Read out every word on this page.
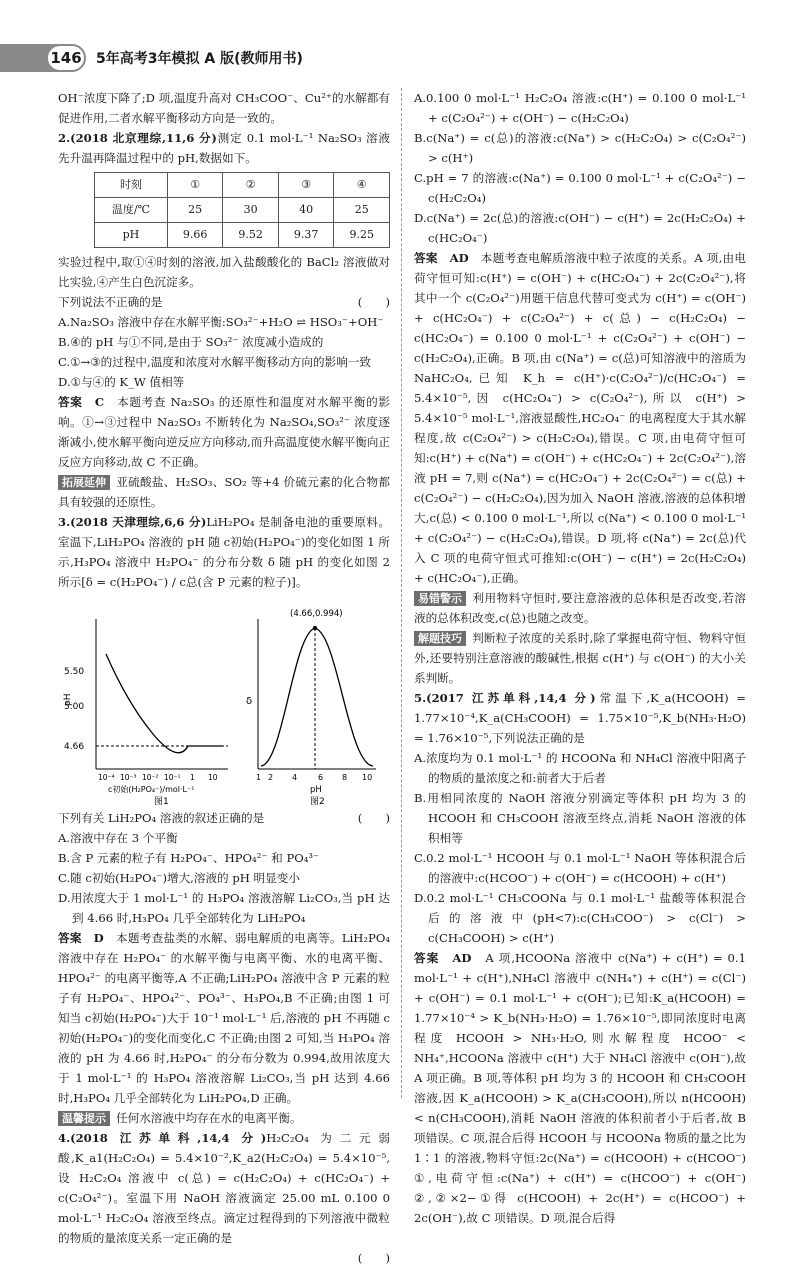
146	5年高考3年模拟 A 版(教师用书)

OH⁻浓度下降了;D 项,温度升高对 CH₃COO⁻、Cu²⁺的水解都有促进作用,二者水解平衡移动方向是一致的。

2.(2018 北京理综,11,6 分)测定 0.1 mol·L⁻¹ Na₂SO₃ 溶液先升温再降温过程中的 pH,数据如下。

时刻	①	②	③	④
温度/℃	25	30	40	25
pH	9.66	9.52	9.37	9.25

实验过程中,取①④时刻的溶液,加入盐酸酸化的 BaCl₂ 溶液做对比实验,④产生白色沉淀多。

下列说法不正确的是	(　　)

A.Na₂SO₃ 溶液中存在水解平衡:SO₃²⁻+H₂O ⇌ HSO₃⁻+OH⁻

B.④的 pH 与①不同,是由于 SO₃²⁻ 浓度减小造成的

C.①→③的过程中,温度和浓度对水解平衡移动方向的影响一致

D.①与④的 K_W 值相等

答案　C　 本题考查 Na₂SO₃ 的还原性和温度对水解平衡的影响。①→③过程中 Na₂SO₃ 不断转化为 Na₂SO₄,SO₃²⁻ 浓度逐渐减小,使水解平衡向逆反应方向移动,而升高温度使水解平衡向正反应方向移动,故 C 不正确。

拓展延伸 亚硫酸盐、H₂SO₃、SO₂ 等+4 价硫元素的化合物都具有较强的还原性。

3.(2018 天津理综,6,6 分)LiH₂PO₄ 是制备电池的重要原料。室温下,LiH₂PO₄ 溶液的 pH 随 c初始(H₂PO₄⁻)的变化如图 1 所示,H₃PO₄ 溶液中 H₂PO₄⁻ 的分布分数 δ 随 pH 的变化如图 2 所示[δ = c(H₂PO₄⁻) / c总(含 P 元素的粒子)]。

5.50
5.00
4.66
pH
10⁻⁴ 10⁻³ 10⁻² 10⁻¹ 1 10
c初始(H₂PO₄⁻)/mol·L⁻¹
图1
(4.66,0.994)
δ
1 2 4	6 8 10
pH
图2

下列有关 LiH₂PO₄ 溶液的叙述正确的是	(　　)

A.溶液中存在 3 个平衡

B.含 P 元素的粒子有 H₂PO₄⁻、HPO₄²⁻ 和 PO₄³⁻

C.随 c初始(H₂PO₄⁻)增大,溶液的 pH 明显变小

D.用浓度大于 1 mol·L⁻¹ 的 H₃PO₄ 溶液溶解 Li₂CO₃,当 pH 达到 4.66 时,H₃PO₄ 几乎全部转化为 LiH₂PO₄

答案　D　 本题考查盐类的水解、弱电解质的电离等。LiH₂PO₄ 溶液中存在 H₂PO₄⁻ 的水解平衡与电离平衡、水的电离平衡、HPO₄²⁻ 的电离平衡等,A 不正确;LiH₂PO₄ 溶液中含 P 元素的粒子有 H₂PO₄⁻、HPO₄²⁻、PO₄³⁻、H₃PO₄,B 不正确;由图 1 可知当 c初始(H₂PO₄⁻)大于 10⁻¹ mol·L⁻¹ 后,溶液的 pH 不再随 c初始(H₂PO₄⁻)的变化而变化,C 不正确;由图 2 可知,当 H₃PO₄ 溶液的 pH 为 4.66 时,H₂PO₄⁻ 的分布分数为 0.994,故用浓度大于 1 mol·L⁻¹ 的 H₃PO₄ 溶液溶解 Li₂CO₃,当 pH 达到 4.66 时,H₃PO₄ 几乎全部转化为 LiH₂PO₄,D 正确。

温馨提示 任何水溶液中均存在水的电离平衡。

4.(2018 江苏单科,14,4 分)H₂C₂O₄ 为二元弱酸,K_a1(H₂C₂O₄) = 5.4×10⁻²,K_a2(H₂C₂O₄) = 5.4×10⁻⁵,设 H₂C₂O₄ 溶液中 c(总) = c(H₂C₂O₄) + c(HC₂O₄⁻) + c(C₂O₄²⁻)。室温下用 NaOH 溶液滴定 25.00 mL 0.100 0 mol·L⁻¹ H₂C₂O₄ 溶液至终点。滴定过程得到的下列溶液中微粒的物质的量浓度关系一定正确的是

(　　)

A.0.100 0 mol·L⁻¹ H₂C₂O₄ 溶液:c(H⁺) = 0.100 0 mol·L⁻¹ + c(C₂O₄²⁻) + c(OH⁻) − c(H₂C₂O₄)

B.c(Na⁺) = c(总)的溶液:c(Na⁺) > c(H₂C₂O₄) > c(C₂O₄²⁻) > c(H⁺)

C.pH = 7 的溶液:c(Na⁺) = 0.100 0 mol·L⁻¹ + c(C₂O₄²⁻) − c(H₂C₂O₄)

D.c(Na⁺) = 2c(总)的溶液:c(OH⁻) − c(H⁺) = 2c(H₂C₂O₄) + c(HC₂O₄⁻)

答案　AD　 本题考查电解质溶液中粒子浓度的关系。A 项,由电荷守恒可知:c(H⁺) = c(OH⁻) + c(HC₂O₄⁻) + 2c(C₂O₄²⁻),将其中一个 c(C₂O₄²⁻)用题干信息代替可变式为 c(H⁺) = c(OH⁻) + c(HC₂O₄⁻) + c(C₂O₄²⁻) + c(总) − c(H₂C₂O₄) − c(HC₂O₄⁻) = 0.100 0 mol·L⁻¹ + c(C₂O₄²⁻) + c(OH⁻) − c(H₂C₂O₄),正确。B 项,由 c(Na⁺) = c(总)可知溶液中的溶质为 NaHC₂O₄,已知 K_h = c(H⁺)·c(C₂O₄²⁻)/c(HC₂O₄⁻) = 5.4×10⁻⁵,因 c(HC₂O₄⁻) > c(C₂O₄²⁻),所以 c(H⁺) > 5.4×10⁻⁵ mol·L⁻¹,溶液显酸性,HC₂O₄⁻ 的电离程度大于其水解程度,故 c(C₂O₄²⁻) > c(H₂C₂O₄),错误。C 项,由电荷守恒可知:c(H⁺) + c(Na⁺) = c(OH⁻) + c(HC₂O₄⁻) + 2c(C₂O₄²⁻),溶液 pH = 7,则 c(Na⁺) = c(HC₂O₄⁻) + 2c(C₂O₄²⁻) = c(总) + c(C₂O₄²⁻) − c(H₂C₂O₄),因为加入 NaOH 溶液,溶液的总体积增大,c(总) < 0.100 0 mol·L⁻¹,所以 c(Na⁺) < 0.100 0 mol·L⁻¹ + c(C₂O₄²⁻) − c(H₂C₂O₄),错误。D 项,将 c(Na⁺) = 2c(总)代入 C 项的电荷守恒式可推知:c(OH⁻) − c(H⁺) = 2c(H₂C₂O₄) + c(HC₂O₄⁻),正确。

易错警示 利用物料守恒时,要注意溶液的总体积是否改变,若溶液的总体积改变,c(总)也随之改变。

解题技巧 判断粒子浓度的关系时,除了掌握电荷守恒、物料守恒外,还要特别注意溶液的酸碱性,根据 c(H⁺) 与 c(OH⁻) 的大小关系判断。

5.(2017 江苏单科,14,4 分)常温下,K_a(HCOOH) = 1.77×10⁻⁴,K_a(CH₃COOH) = 1.75×10⁻⁵,K_b(NH₃·H₂O) = 1.76×10⁻⁵,下列说法正确的是

A.浓度均为 0.1 mol·L⁻¹ 的 HCOONa 和 NH₄Cl 溶液中阳离子的物质的量浓度之和:前者大于后者

B.用相同浓度的 NaOH 溶液分别滴定等体积 pH 均为 3 的 HCOOH 和 CH₃COOH 溶液至终点,消耗 NaOH 溶液的体积相等

C.0.2 mol·L⁻¹ HCOOH 与 0.1 mol·L⁻¹ NaOH 等体积混合后的溶液中:c(HCOO⁻) + c(OH⁻) = c(HCOOH) + c(H⁺)

D.0.2 mol·L⁻¹ CH₃COONa 与 0.1 mol·L⁻¹ 盐酸等体积混合后的溶液中(pH<7):c(CH₃COO⁻) > c(Cl⁻) > c(CH₃COOH) > c(H⁺)

答案　AD　 A 项,HCOONa 溶液中 c(Na⁺) + c(H⁺) = 0.1 mol·L⁻¹ + c(H⁺),NH₄Cl 溶液中 c(NH₄⁺) + c(H⁺) = c(Cl⁻) + c(OH⁻) = 0.1 mol·L⁻¹ + c(OH⁻);已知:K_a(HCOOH) = 1.77×10⁻⁴ > K_b(NH₃·H₂O) = 1.76×10⁻⁵,即同浓度时电离程度 HCOOH > NH₃·H₂O,则水解程度 HCOO⁻ < NH₄⁺,HCOONa 溶液中 c(H⁺) 大于 NH₄Cl 溶液中 c(OH⁻),故 A 项正确。B 项,等体积 pH 均为 3 的 HCOOH 和 CH₃COOH 溶液,因 K_a(HCOOH) > K_a(CH₃COOH),所以 n(HCOOH) < n(CH₃COOH),消耗 NaOH 溶液的体积前者小于后者,故 B 项错误。C 项,混合后得 HCOOH 与 HCOONa 物质的量之比为 1∶1 的溶液,物料守恒:2c(Na⁺) = c(HCOOH) + c(HCOO⁻) ①,电荷守恒:c(Na⁺) + c(H⁺) = c(HCOO⁻) + c(OH⁻) ②,②×2−①得 c(HCOOH) + 2c(H⁺) = c(HCOO⁻) + 2c(OH⁻),故 C 项错误。D 项,混合后得
